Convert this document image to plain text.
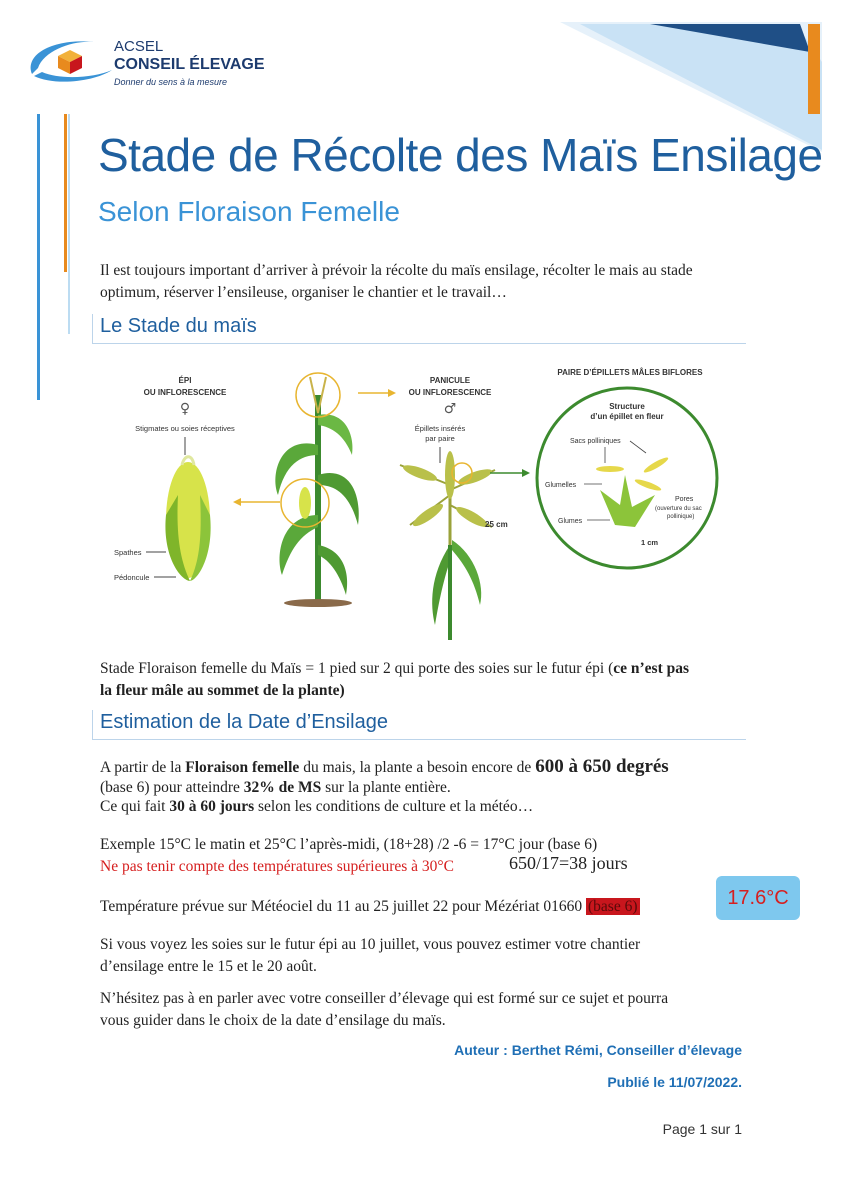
ACSEL
CONSEIL ÉLEVAGE
Donner du sens à la mesure
Stade de Récolte des Maïs Ensilage
Selon Floraison Femelle
Il est toujours important d’arriver à prévoir la récolte du maïs ensilage, récolter le mais au stade
optimum, réserver l’ensileuse, organiser le chantier et le travail…
Le Stade du maïs
ÉPI
OU INFLORESCENCE
♀
Stigmates ou soies réceptives
Spathes
Pédoncule
PANICULE
OU INFLORESCENCE
♂
Épillets insérés
par paire
25 cm
PAIRE D’ÉPILLETS MÂLES BIFLORES
Structure
d’un épillet en fleur
Sacs polliniques
Glumelles
Glumes
Pores
(ouverture du sac
pollinique)
1 cm
Stade Floraison femelle du Maïs = 1 pied sur 2 qui porte des soies sur le futur épi (ce n’est pas
la fleur mâle au sommet de la plante)
Estimation de la Date d’Ensilage
A partir de la Floraison femelle du mais, la plante a besoin encore de 600 à 650 degrés
(base 6) pour atteindre 32% de MS sur la plante entière.
Ce qui fait 30 à 60 jours selon les conditions de culture et la météo…
Exemple 15°C le matin et 25°C l’après-midi, (18+28) /2 -6 = 17°C jour (base 6)
Ne pas tenir compte des températures supérieures à 30°C	650/17=38 jours
Température prévue sur Météociel du 11 au 25 juillet 22 pour Mézériat 01660 (base 6)	17.6°C
Si vous voyez les soies sur le futur épi au 10 juillet, vous pouvez estimer votre chantier
d’ensilage entre le 15 et le 20 août.
N’hésitez pas à en parler avec votre conseiller d’élevage qui est formé sur ce sujet et pourra
vous guider dans le choix de la date d’ensilage du maïs.
Auteur : Berthet Rémi, Conseiller d’élevage
Publié le 11/07/2022.
Page 1 sur 1
